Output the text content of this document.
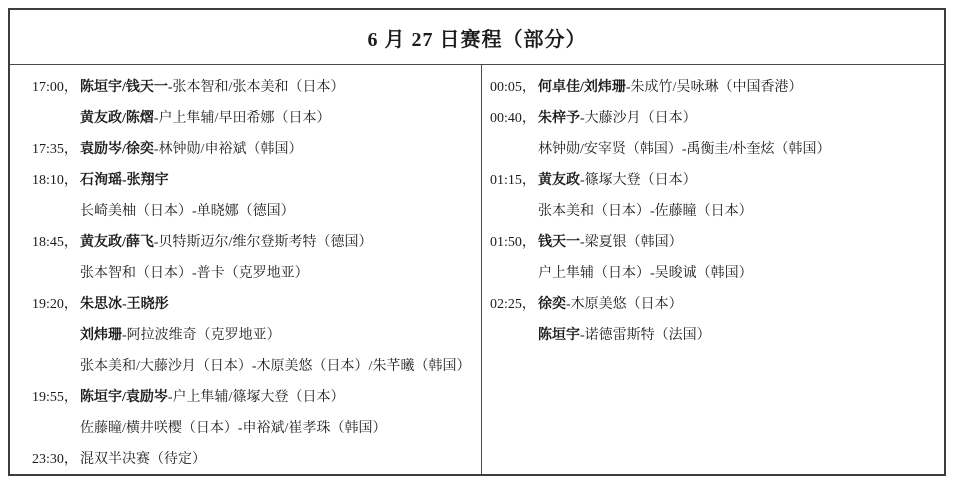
6 月 27 日赛程（部分）
17:00， 陈垣宇/钱天一-张本智和/张本美和（日本）
黄友政/陈熠-户上隼辅/早田希娜（日本）
17:35， 袁励岑/徐奕-林钟勋/申裕斌（韩国）
18:10， 石洵瑶-张翔宇
长崎美柚（日本）-单晓娜（德国）
18:45， 黄友政/薛飞-贝特斯迈尔/维尔登斯考特（德国）
张本智和（日本）-普卡（克罗地亚）
19:20， 朱思冰-王晓彤
刘炜珊-阿拉波维奇（克罗地亚）
张本美和/大藤沙月（日本）-木原美悠（日本）/朱芊曦（韩国）
19:55， 陈垣宇/袁励岑-户上隼辅/篠塚大登（日本）
佐藤瞳/横井咲樱（日本）-申裕斌/崔孝珠（韩国）
23:30， 混双半决赛（待定）
00:05， 何卓佳/刘炜珊-朱成竹/吴咏琳（中国香港）
00:40， 朱梓予-大藤沙月（日本）
林钟勋/安宰贤（韩国）-禹衡圭/朴奎炫（韩国）
01:15， 黄友政-篠塚大登（日本）
张本美和（日本）-佐藤瞳（日本）
01:50， 钱天一-梁夏银（韩国）
户上隼辅（日本）-吴晙诚（韩国）
02:25， 徐奕-木原美悠（日本）
陈垣宇-诺德雷斯特（法国）
